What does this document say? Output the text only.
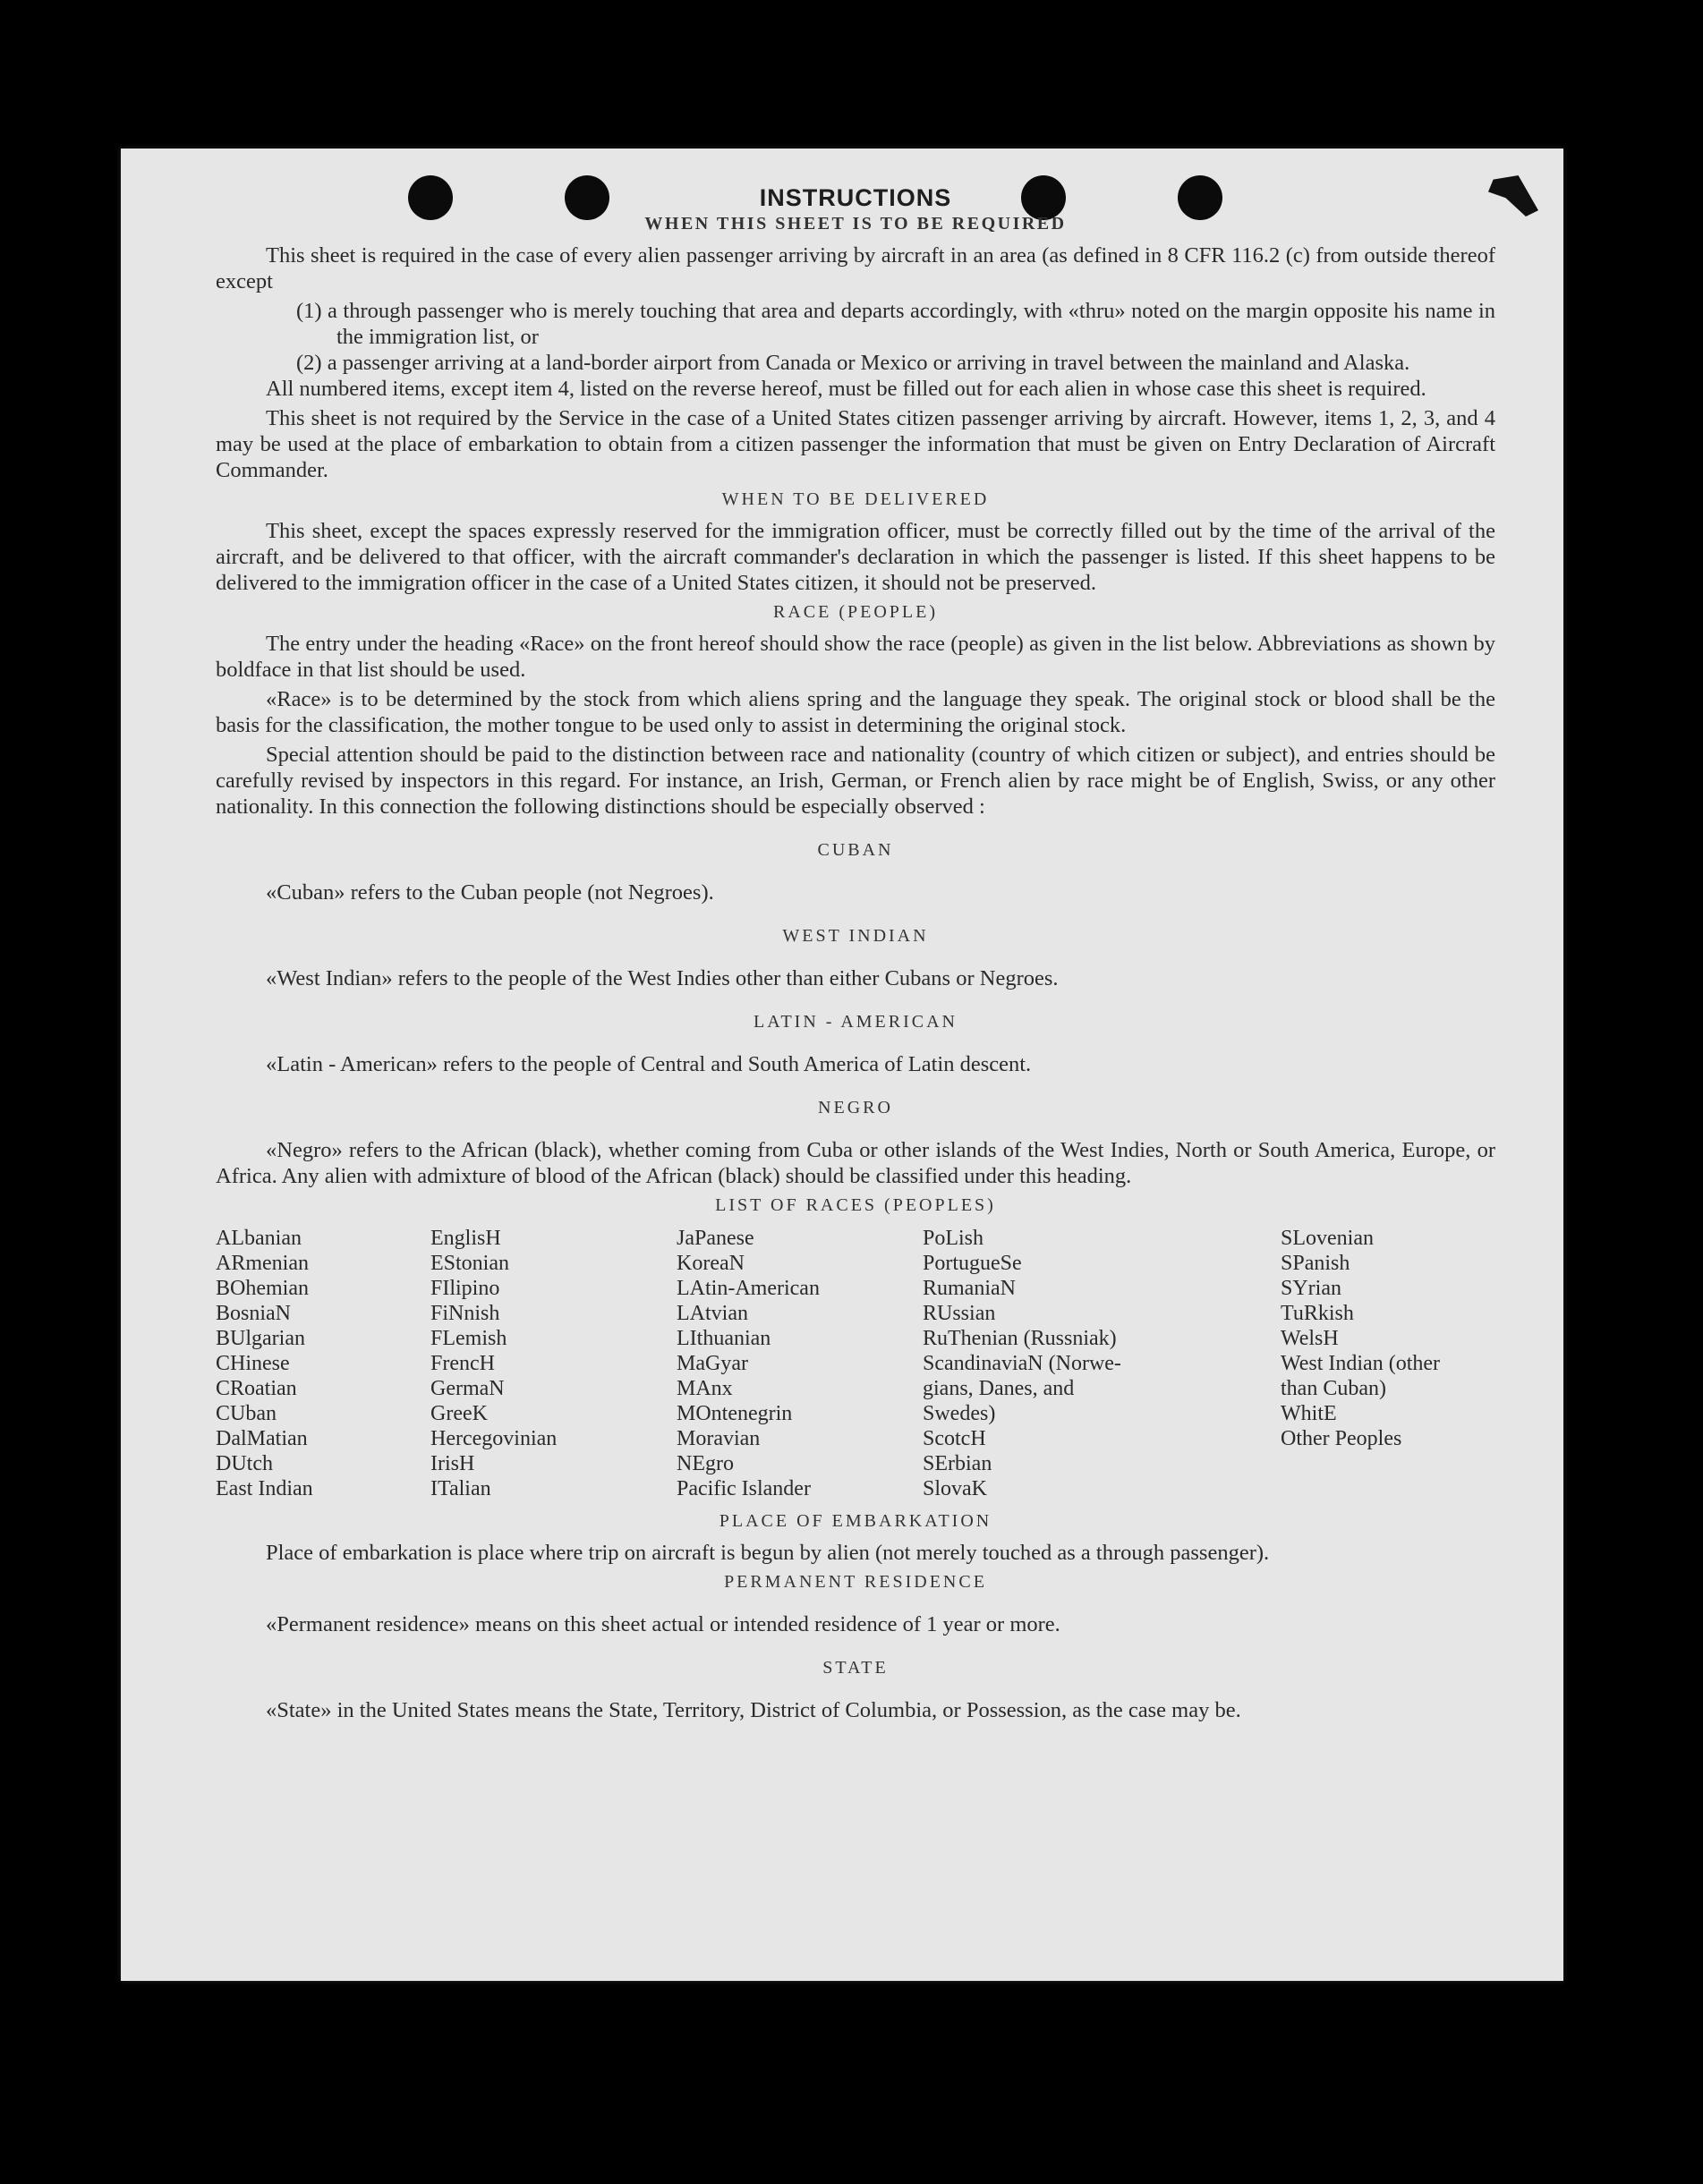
INSTRUCTIONS
WHEN THIS SHEET IS TO BE REQUIRED

This sheet is required in the case of every alien passenger arriving by aircraft in an area (as defined in 8 CFR 116.2 (c) from outside thereof except

(1) a through passenger who is merely touching that area and departs accordingly, with «thru» noted on the margin opposite his name in the immigration list, or

(2) a passenger arriving at a land-border airport from Canada or Mexico or arriving in travel between the mainland and Alaska.

All numbered items, except item 4, listed on the reverse hereof, must be filled out for each alien in whose case this sheet is required.

This sheet is not required by the Service in the case of a United States citizen passenger arriving by aircraft. However, items 1, 2, 3, and 4 may be used at the place of embarkation to obtain from a citizen passenger the information that must be given on Entry Declaration of Aircraft Commander.

WHEN TO BE DELIVERED

This sheet, except the spaces expressly reserved for the immigration officer, must be correctly filled out by the time of the arrival of the aircraft, and be delivered to that officer, with the aircraft commander's declaration in which the passenger is listed. If this sheet happens to be delivered to the immigration officer in the case of a United States citizen, it should not be preserved.

RACE (PEOPLE)

The entry under the heading «Race» on the front hereof should show the race (people) as given in the list below. Abbreviations as shown by boldface in that list should be used.

«Race» is to be determined by the stock from which aliens spring and the language they speak. The original stock or blood shall be the basis for the classification, the mother tongue to be used only to assist in determining the original stock.

Special attention should be paid to the distinction between race and nationality (country of which citizen or subject), and entries should be carefully revised by inspectors in this regard. For instance, an Irish, German, or French alien by race might be of English, Swiss, or any other nationality. In this connection the following distinctions should be especially observed :

CUBAN

«Cuban» refers to the Cuban people (not Negroes).

WEST INDIAN

«West Indian» refers to the people of the West Indies other than either Cubans or Negroes.

LATIN - AMERICAN

«Latin - American» refers to the people of Central and South America of Latin descent.

NEGRO

«Negro» refers to the African (black), whether coming from Cuba or other islands of the West Indies, North or South America, Europe, or Africa. Any alien with admixture of blood of the African (black) should be classified under this heading.

LIST OF RACES (PEOPLES)
ALbanian
ARmenian
BOhemian
BosniaN
BUlgarian
CHinese
CRoatian
CUban
DalMatian
DUtch
East Indian
EnglisH
EStonian
FIlipino
FiNnish
FLemish
FrencH
GermaN
GreeK
Hercegovinian
IrisH
ITalian
JaPanese
KoreaN
LAtin-American
LAtvian
LIthuanian
MaGyar
MAnx
MOntenegrin
Moravian
NEgro
Pacific Islander
PoLish
PortugueSe
RumaniaN
RUssian
RuThenian (Russniak)
ScandinaviaN (Norwe-
gians, Danes, and
Swedes)
ScotcH
SErbian
SlovaK
SLovenian
SPanish
SYrian
TuRkish
WelsH
West Indian (other
than Cuban)
WhitE
Other Peoples
PLACE OF EMBARKATION

Place of embarkation is place where trip on aircraft is begun by alien (not merely touched as a through passenger).

PERMANENT RESIDENCE

«Permanent residence» means on this sheet actual or intended residence of 1 year or more.

STATE

«State» in the United States means the State, Territory, District of Columbia, or Possession, as the case may be.
